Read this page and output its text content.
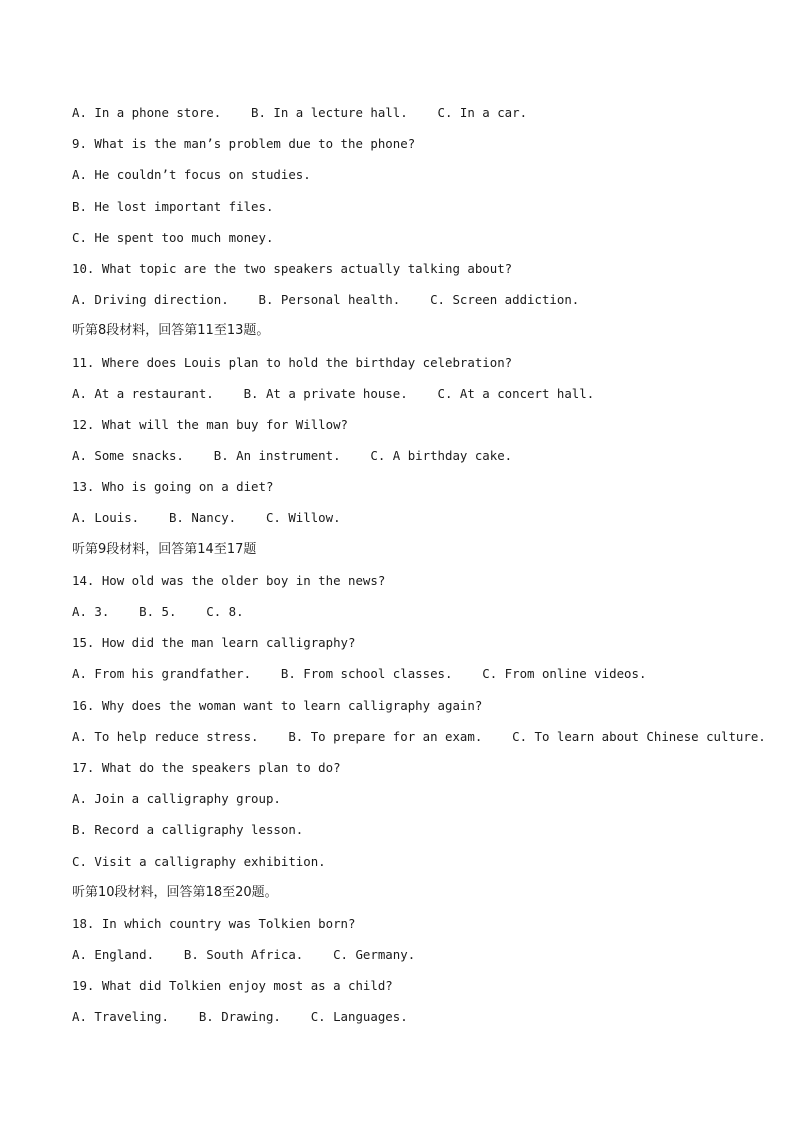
A. In a phone store.    B. In a lecture hall.    C. In a car.
9. What is the man’s problem due to the phone?
A. He couldn’t focus on studies.
B. He lost important files.
C. He spent too much money.
10. What topic are the two speakers actually talking about?
A. Driving direction.    B. Personal health.    C. Screen addiction.
听第8段材料，回答第11至13题。
11. Where does Louis plan to hold the birthday celebration?
A. At a restaurant.    B. At a private house.    C. At a concert hall.
12. What will the man buy for Willow?
A. Some snacks.    B. An instrument.    C. A birthday cake.
13. Who is going on a diet?
A. Louis.    B. Nancy.    C. Willow.
听第9段材料，回答第14至17题
14. How old was the older boy in the news?
A. 3.    B. 5.    C. 8.
15. How did the man learn calligraphy?
A. From his grandfather.    B. From school classes.    C. From online videos.
16. Why does the woman want to learn calligraphy again?
A. To help reduce stress.    B. To prepare for an exam.    C. To learn about Chinese culture.
17. What do the speakers plan to do?
A. Join a calligraphy group.
B. Record a calligraphy lesson.
C. Visit a calligraphy exhibition.
听第10段材料，回答第18至20题。
18. In which country was Tolkien born?
A. England.    B. South Africa.    C. Germany.
19. What did Tolkien enjoy most as a child?
A. Traveling.    B. Drawing.    C. Languages.
